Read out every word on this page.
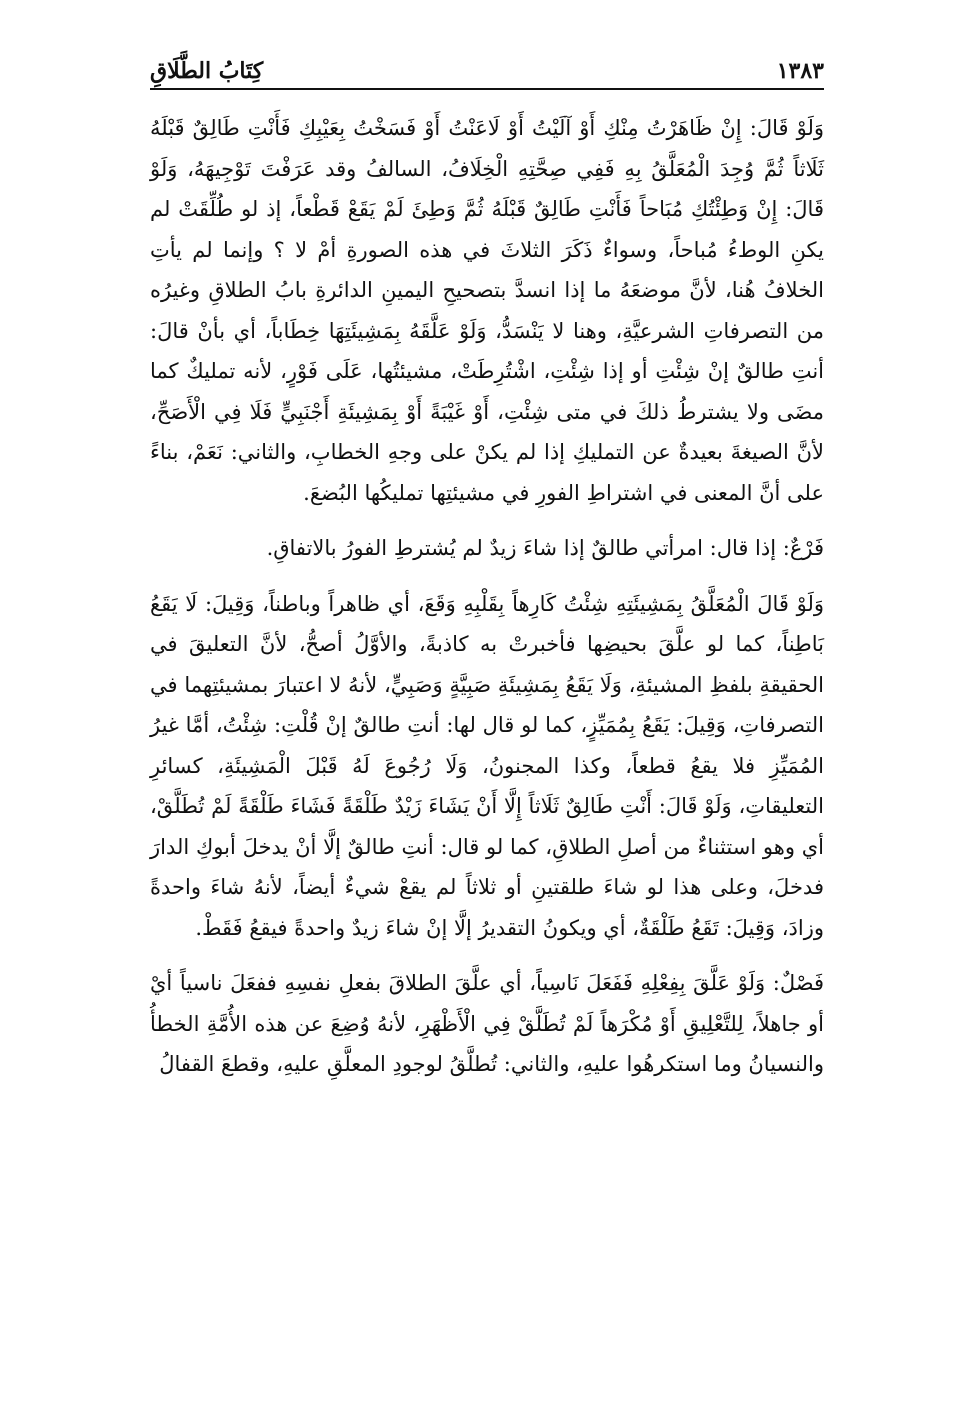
١٣٨٣
كِتَابُ الطَّلَاقِ

وَلَوْ قَالَ: إِنْ ظَاهَرْتُ مِنْكِ أَوْ آلَيْتُ أَوْ لَاعَنْتُ أَوْ فَسَخْتُ بِعَيْبِكِ فَأَنْتِ طَالِقٌ قَبْلَهُ ثَلَاثاً ثُمَّ وُجِدَ الْمُعَلَّقُ بِهِ فَفِي صِحَّتِهِ الْخِلَافُ، السالفُ وقد عَرَفْتَ تَوْجِيهَهُ، وَلَوْ قَالَ: إِنْ وَطِئْتُكِ مُبَاحاً فَأَنْتِ طَالِقٌ قَبْلَهُ ثُمَّ وَطِئَ لَمْ يَقَعْ قَطْعاً، إذ لو طُلِّقَتْ لم يكنِ الوطءُ مُباحاً، وسواءٌ ذَكَرَ الثلاثَ في هذه الصورةِ أمْ لا ؟ وإنما لم يأتِ الخلافُ هُنا، لأنَّ موضعَهُ ما إذا انسدَّ بتصحيحِ اليمينِ الدائرةِ بابُ الطلاقِ وغيرُه من التصرفاتِ الشرعيَّةِ، وهنا لا يَنْسَدُّ، وَلَوْ عَلَّقَهُ بِمَشِيئَتِهَا خِطَاباً، أي بأنْ قالَ: أنتِ طالقٌ إنْ شِئْتِ أو إذا شِئْتِ، اشْتُرِطَتْ، مشيئتُها، عَلَى فَوْرٍ، لأنه تمليكٌ كما مضَى ولا يشترطُ ذلكَ في متى شِئْتِ، أَوْ غَيْبَةً أَوْ بِمَشِيئَةِ أَجْنَبِيٍّ فَلَا فِي الْأَصَحِّ، لأنَّ الصيغةَ بعيدةٌ عن التمليكِ إذا لم يكنْ على وجهِ الخطابِ، والثاني: نَعَمْ، بناءً على أنَّ المعنى في اشتراطِ الفورِ في مشيئتِها تمليكُها البُضعَ.

فَرْعٌ: إذا قال: امرأتي طالقٌ إذا شاءَ زيدٌ لم يُشترطِ الفورُ بالاتفاقِ.

وَلَوْ قَالَ الْمُعَلَّقُ بِمَشِيئَتِهِ شِئْتُ كَارِهاً بِقَلْبِهِ وَقَعَ، أي ظاهراً وباطناً، وَقِيلَ: لَا يَقَعُ بَاطِناً، كما لو علَّقَ بحيضِها فأخبرتْ به كاذبةً، والأوَّلُ أصحُّ، لأنَّ التعليقَ في الحقيقةِ بلفظِ المشيئةِ، وَلَا يَقَعُ بِمَشِيئَةِ صَبِيَّةٍ وَصَبِيٍّ، لأنهُ لا اعتبارَ بمشيئتِهما في التصرفاتِ، وَقِيلَ: يَقَعُ بِمُمَيِّزٍ، كما لو قال لها: أنتِ طالقٌ إنْ قُلْتِ: شِئْتُ، أمَّا غيرُ المُمَيِّزِ فلا يقعُ قطعاً، وكذا المجنونُ، وَلَا رُجُوعَ لَهُ قَبْلَ الْمَشِيئَةِ، كسائرِ التعليقاتِ، وَلَوْ قَالَ: أَنْتِ طَالِقٌ ثَلَاثاً إِلَّا أَنْ يَشَاءَ زَيْدٌ طَلْقَةً فَشَاءَ طَلْقَةً لَمْ تُطَلَّقْ، أي وهو استثناءٌ من أصلِ الطلاقِ، كما لو قال: أنتِ طالقٌ إلَّا أنْ يدخلَ أبوكِ الدارَ فدخلَ، وعلى هذا لو شاءَ طلقتينِ أو ثلاثاً لم يقعْ شيءٌ أيضاً، لأنهُ شاءَ واحدةً وزادَ، وَقِيلَ: تَقَعُ طَلْقَةٌ، أي ويكونُ التقديرُ إلَّا إنْ شاءَ زيدٌ واحدةً فيقعُ فَقَطْ.

فَصْلٌ: وَلَوْ عَلَّقَ بِفِعْلِهِ فَفَعَلَ نَاسِياً، أي علَّقَ الطلاقَ بفعلِ نفسِهِ ففعَلَ ناسياً أيْ أو جاهلاً، لِلتَّعْلِيقِ أَوْ مُكْرَهاً لَمْ تُطَلَّقْ فِي الْأَظْهَرِ، لأنهُ وُضِعَ عن هذه الأُمَّةِ الخطأُ والنسيانُ وما استكرهُوا عليهِ، والثاني: تُطلَّقُ لوجودِ المعلَّقِ عليهِ، وقطعَ القفالُ
